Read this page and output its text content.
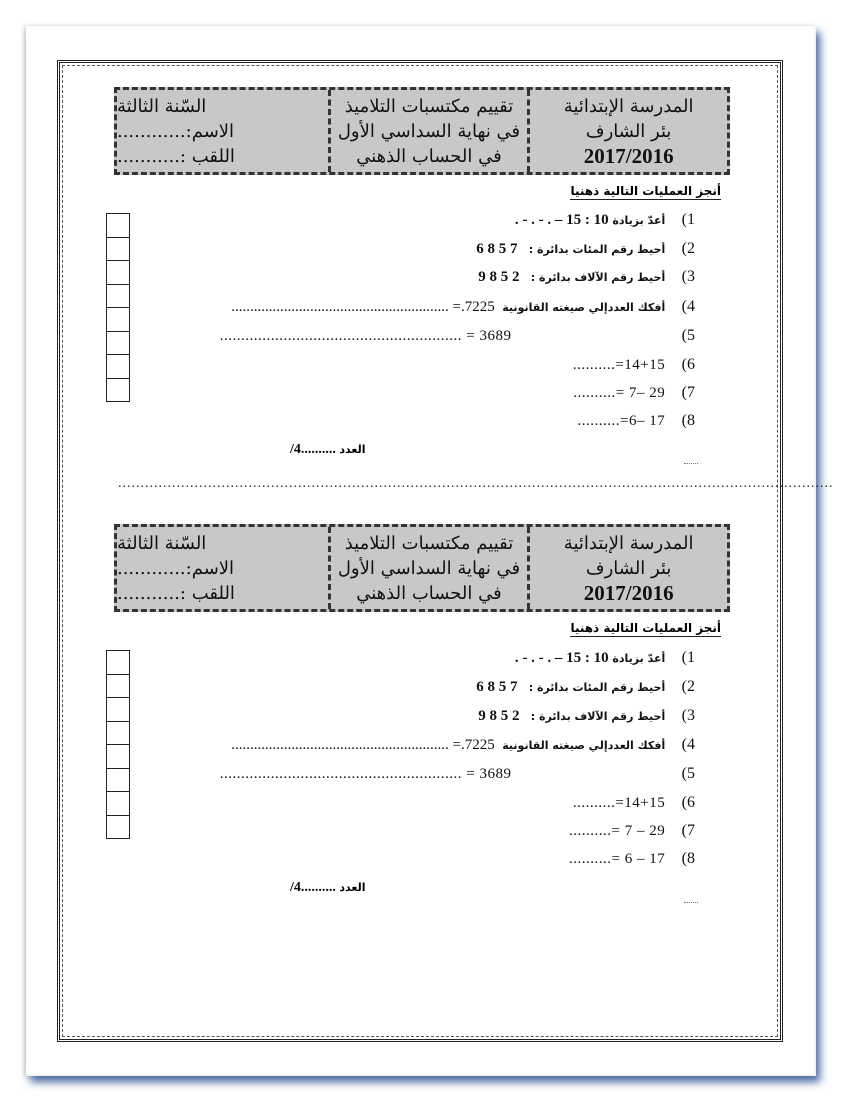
المدرسة الإبتدائية
بئر الشارف
2017/2016
تقييم مكتسبات التلاميذ
في نهاية السداسي الأول
في الحساب الذهني
السّنة الثالثة
الاسم:............
اللقب :...........
أنجز العمليات التالية ذهنيا
1) أعدّ بزيادة 10 : 15 – . - . - .
2) أحيط رقم المئات بدائرة :   7 5 8 6
3) أحيط رقم الآلاف بدائرة :   2 5 8 9
4) أفكك العددإلي صيغته القانونية  7225.= ..........................................................
5)  3689 = .........................................................
6) 14+15=..........
7) 29 –7 =..........
8) 17 –6=..........
العدد ..........4/
...............................................................................................................................................................
المدرسة الإبتدائية
بئر الشارف
2017/2016
تقييم مكتسبات التلاميذ
في نهاية السداسي الأول
في الحساب الذهني
السّنة الثالثة
الاسم:............
اللقب :...........
أنجز العمليات التالية ذهنيا
1) أعدّ بزيادة 10 : 15 – . - . - .
2) أحيط رقم المئات بدائرة :   7 5 8 6
3) أحيط رقم الآلاف بدائرة :   2 5 8 9
4) أفكك العددإلي صيغته القانونية  7225.= ..........................................................
5)  3689 = .........................................................
6) 14+15=..........
7) 29 – 7 =..........
8) 17 – 6 =..........
العدد ..........4/
